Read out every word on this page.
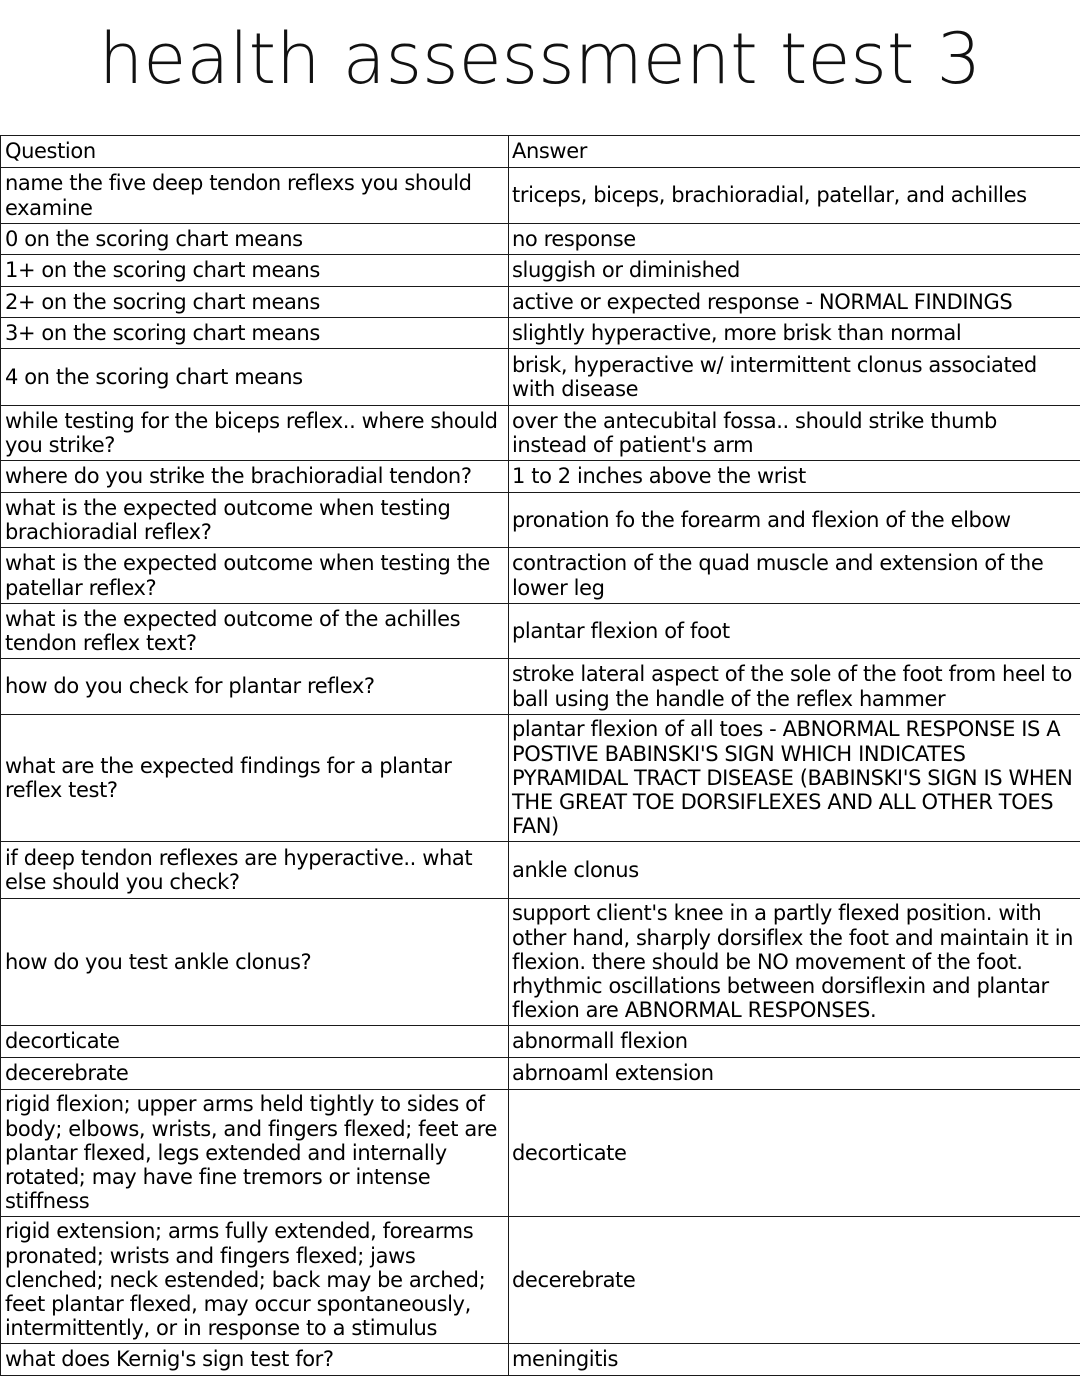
health assessment test 3
Question	Answer
name the five deep tendon reflexs you should examine	triceps, biceps, brachioradial, patellar, and achilles
0 on the scoring chart means	no response
1+ on the scoring chart means	sluggish or diminished
2+ on the socring chart means	active or expected response - NORMAL FINDINGS
3+ on the scoring chart means	slightly hyperactive, more brisk than normal
4 on the scoring chart means	brisk, hyperactive w/ intermittent clonus associated with disease
while testing for the biceps reflex.. where should you strike?	over the antecubital fossa.. should strike thumb instead of patient's arm
where do you strike the brachioradial tendon?	1 to 2 inches above the wrist
what is the expected outcome when testing brachioradial reflex?	pronation fo the forearm and flexion of the elbow
what is the expected outcome when testing the patellar reflex?	contraction of the quad muscle and extension of the lower leg
what is the expected outcome of the achilles tendon reflex text?	plantar flexion of foot
how do you check for plantar reflex?	stroke lateral aspect of the sole of the foot from heel to ball using the handle of the reflex hammer
what are the expected findings for a plantar reflex test?	plantar flexion of all toes - ABNORMAL RESPONSE IS A POSTIVE BABINSKI'S SIGN WHICH INDICATES PYRAMIDAL TRACT DISEASE (BABINSKI'S SIGN IS WHEN THE GREAT TOE DORSIFLEXES AND ALL OTHER TOES FAN)
if deep tendon reflexes are hyperactive.. what else should you check?	ankle clonus
how do you test ankle clonus?	support client's knee in a partly flexed position. with other hand, sharply dorsiflex the foot and maintain it in flexion. there should be NO movement of the foot. rhythmic oscillations between dorsiflexin and plantar flexion are ABNORMAL RESPONSES.
decorticate	abnormall flexion
decerebrate	abrnoaml extension
rigid flexion; upper arms held tightly to sides of body; elbows, wrists, and fingers flexed; feet are plantar flexed, legs extended and internally rotated; may have fine tremors or intense stiffness	decorticate
rigid extension; arms fully extended, forearms pronated; wrists and fingers flexed; jaws clenched; neck estended; back may be arched; feet plantar flexed, may occur spontaneously, intermittently, or in response to a stimulus	decerebrate
what does Kernig's sign test for?	meningitis
